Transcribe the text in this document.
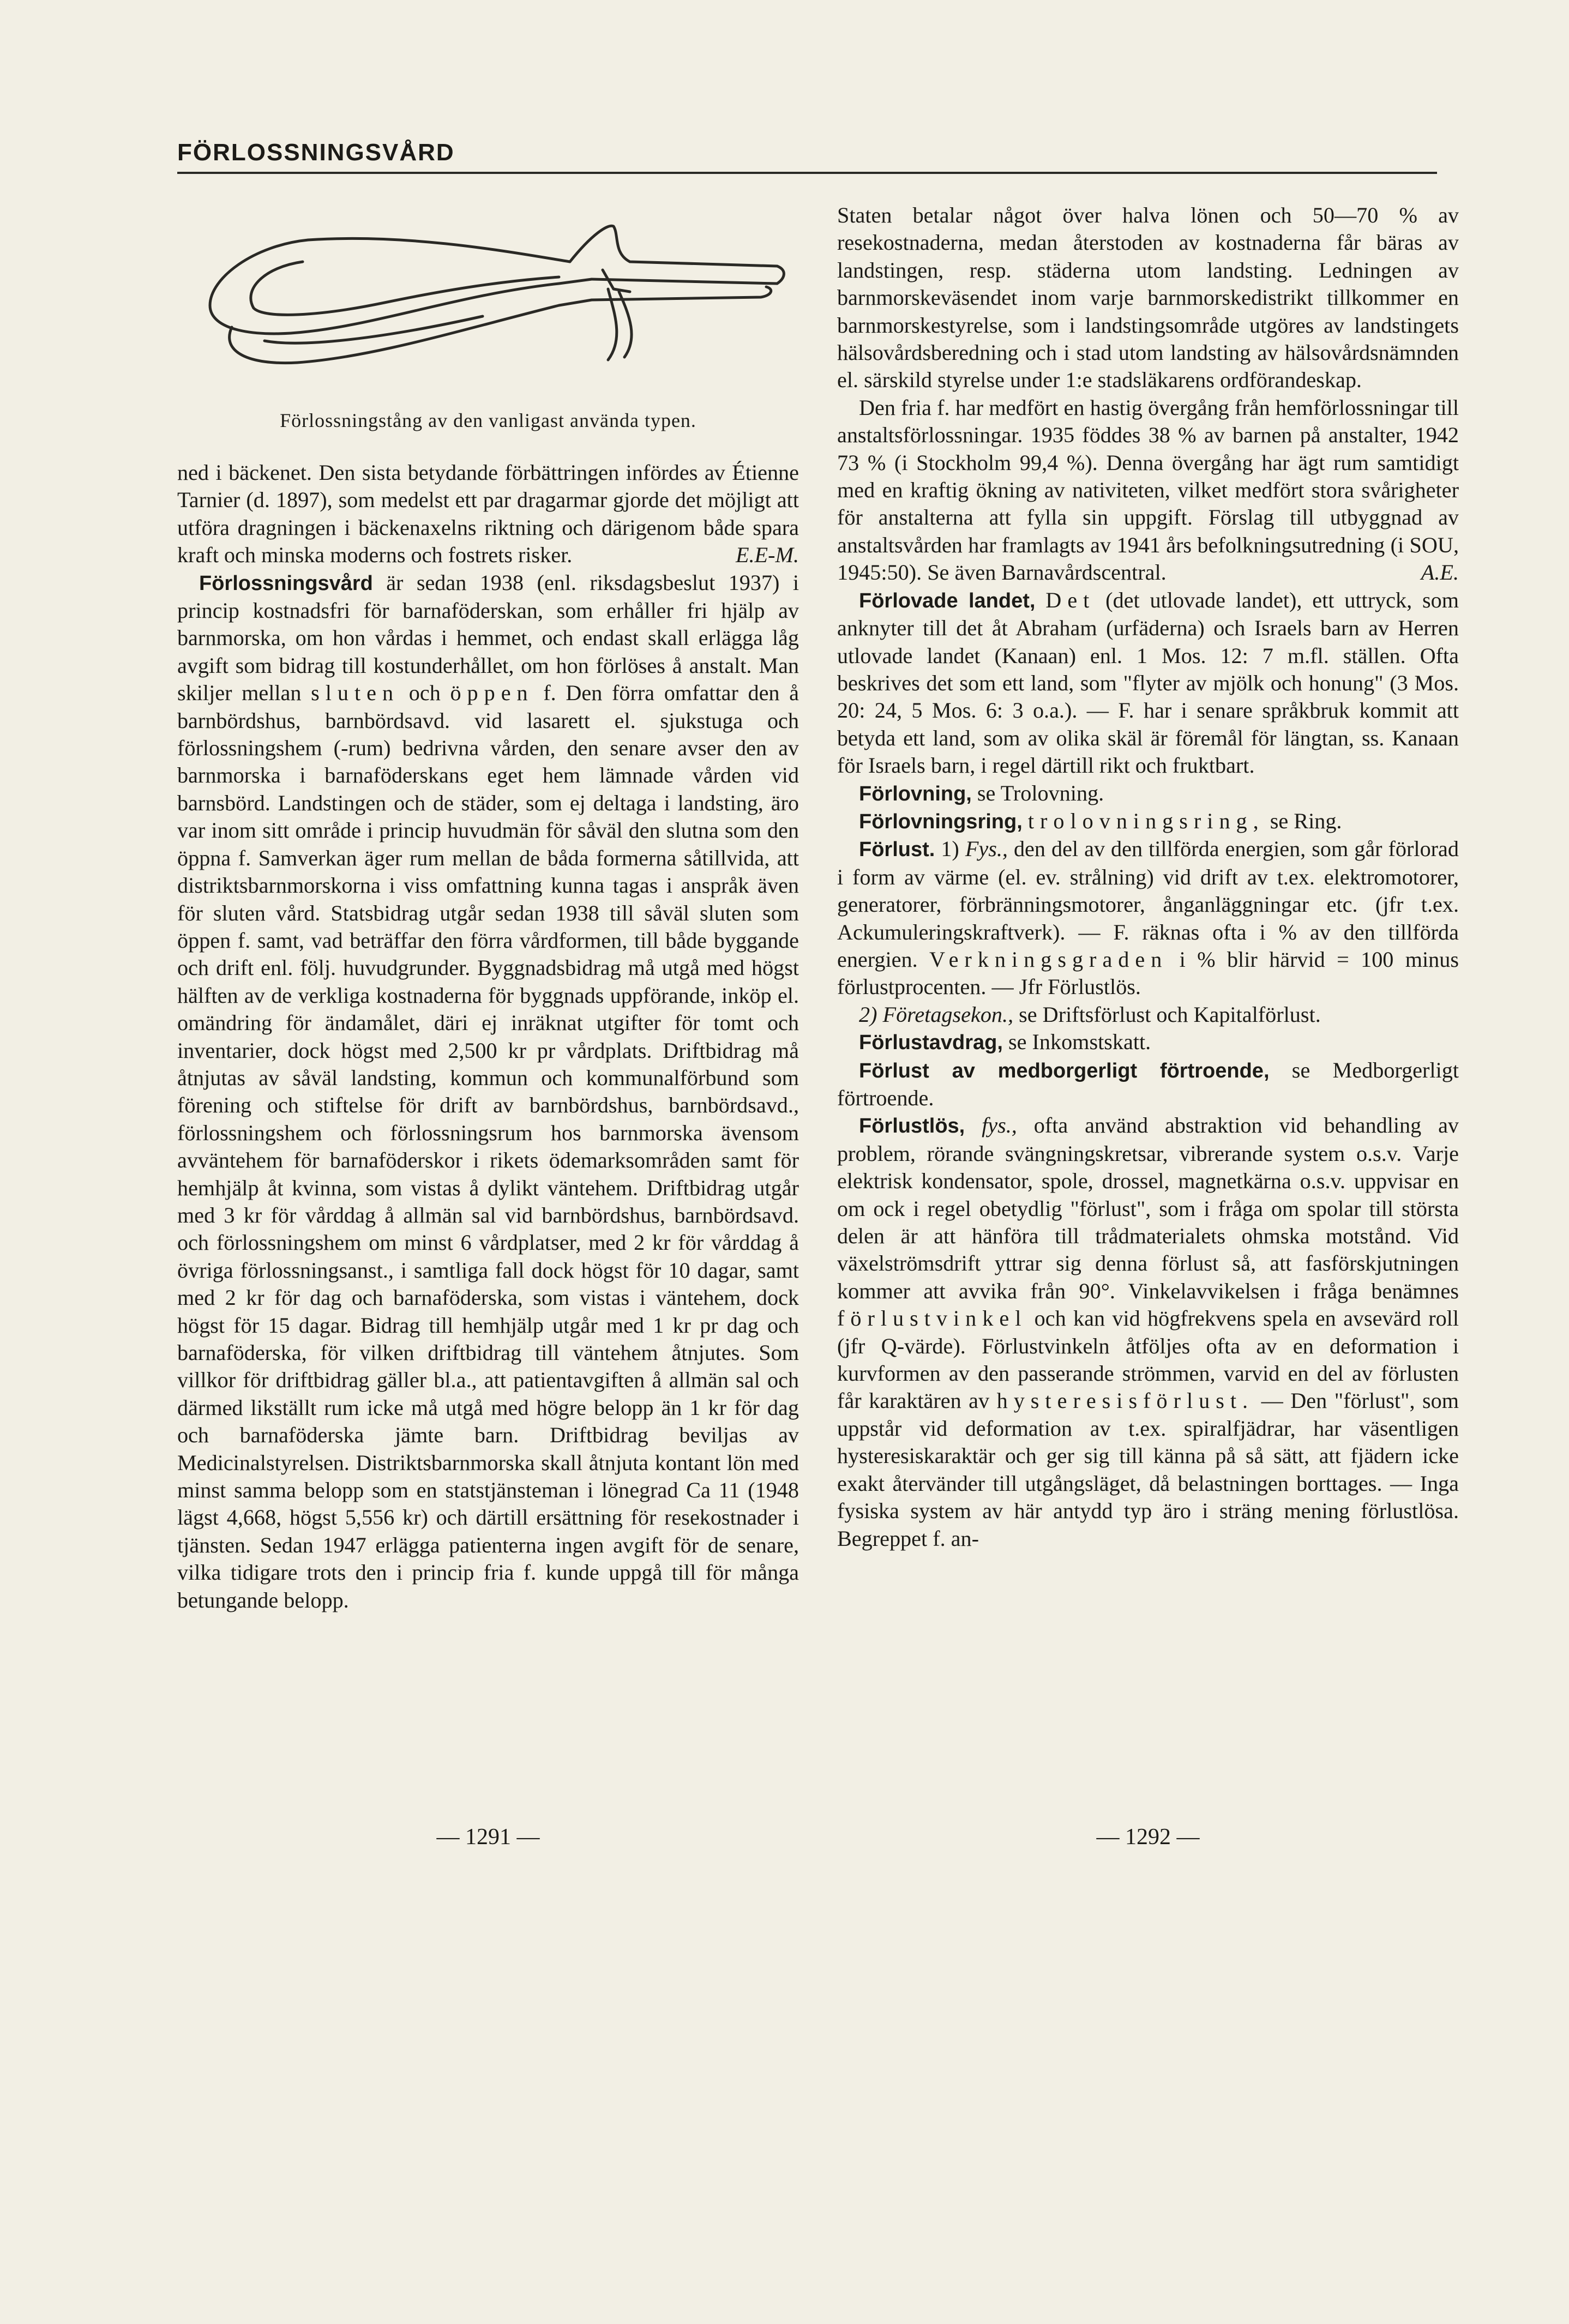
FÖRLOSSNINGSVÅRD
Förlossningstång av den vanligast använda typen.

ned i bäckenet. Den sista betydande förbättringen infördes av Étienne Tarnier (d. 1897), som medelst ett par dragarmar gjorde det möjligt att utföra dragningen i bäckenaxelns riktning och därigenom både spara kraft och minska moderns och fostrets risker.	E.E-M.

Förlossningsvård är sedan 1938 (enl. riksdagsbeslut 1937) i princip kostnadsfri för barnaföderskan, som erhåller fri hjälp av barnmorska, om hon vårdas i hemmet, och endast skall erlägga låg avgift som bidrag till kostunderhållet, om hon förlöses å anstalt. Man skiljer mellan sluten och öppen f. Den förra omfattar den å barnbördshus, barnbördsavd. vid lasarett el. sjukstuga och förlossningshem (-rum) bedrivna vården, den senare avser den av barnmorska i barnaföderskans eget hem lämnade vården vid barnsbörd. Landstingen och de städer, som ej deltaga i landsting, äro var inom sitt område i princip huvudmän för såväl den slutna som den öppna f. Samverkan äger rum mellan de båda formerna såtillvida, att distriktsbarnmorskorna i viss omfattning kunna tagas i anspråk även för sluten vård. Statsbidrag utgår sedan 1938 till såväl sluten som öppen f. samt, vad beträffar den förra vårdformen, till både byggande och drift enl. följ. huvudgrunder. Byggnadsbidrag må utgå med högst hälften av de verkliga kostnaderna för byggnads uppförande, inköp el. omändring för ändamålet, däri ej inräknat utgifter för tomt och inventarier, dock högst med 2,500 kr pr vårdplats. Driftbidrag må åtnjutas av såväl landsting, kommun och kommunalförbund som förening och stiftelse för drift av barnbördshus, barnbördsavd., förlossningshem och förlossningsrum hos barnmorska ävensom avväntehem för barnaföderskor i rikets ödemarksområden samt för hemhjälp åt kvinna, som vistas å dylikt väntehem. Driftbidrag utgår med 3 kr för vårddag å allmän sal vid barnbördshus, barnbördsavd. och förlossningshem om minst 6 vårdplatser, med 2 kr för vårddag å övriga förlossningsanst., i samtliga fall dock högst för 10 dagar, samt med 2 kr för dag och barnaföderska, som vistas i väntehem, dock högst för 15 dagar. Bidrag till hemhjälp utgår med 1 kr pr dag och barnaföderska, för vilken driftbidrag till väntehem åtnjutes. Som villkor för driftbidrag gäller bl.a., att patientavgiften å allmän sal och därmed likställt rum icke må utgå med högre belopp än 1 kr för dag och barnaföderska jämte barn. Driftbidrag beviljas av Medicinalstyrelsen. Distriktsbarnmorska skall åtnjuta kontant lön med minst samma belopp som en statstjänsteman i lönegrad Ca 11 (1948 lägst 4,668, högst 5,556 kr) och därtill ersättning för resekostnader i tjänsten. Sedan 1947 erlägga patienterna ingen avgift för de senare, vilka tidigare trots den i princip fria f. kunde uppgå till för många betungande belopp.

Staten betalar något över halva lönen och 50—70 % av resekostnaderna, medan återstoden av kostnaderna får bäras av landstingen, resp. städerna utom landsting. Ledningen av barnmorskeväsendet inom varje barnmorskedistrikt tillkommer en barnmorskestyrelse, som i landstingsområde utgöres av landstingets hälsovårdsberedning och i stad utom landsting av hälsovårdsnämnden el. särskild styrelse under 1:e stadsläkarens ordförandeskap.

Den fria f. har medfört en hastig övergång från hemförlossningar till anstaltsförlossningar. 1935 föddes 38 % av barnen på anstalter, 1942 73 % (i Stockholm 99,4 %). Denna övergång har ägt rum samtidigt med en kraftig ökning av nativiteten, vilket medfört stora svårigheter för anstalterna att fylla sin uppgift. Förslag till utbyggnad av anstaltsvården har framlagts av 1941 års befolkningsutredning (i SOU, 1945:50). Se även Barnavårdscentral.	A.E.

Förlovade landet, Det (det utlovade landet), ett uttryck, som anknyter till det åt Abraham (urfäderna) och Israels barn av Herren utlovade landet (Kanaan) enl. 1 Mos. 12: 7 m.fl. ställen. Ofta beskrives det som ett land, som "flyter av mjölk och honung" (3 Mos. 20: 24, 5 Mos. 6: 3 o.a.). — F. har i senare språkbruk kommit att betyda ett land, som av olika skäl är föremål för längtan, ss. Kanaan för Israels barn, i regel därtill rikt och fruktbart.

Förlovning, se Trolovning.

Förlovningsring, trolovningsring, se Ring.

Förlust. 1) Fys., den del av den tillförda energien, som går förlorad i form av värme (el. ev. strålning) vid drift av t.ex. elektromotorer, generatorer, förbränningsmotorer, ånganläggningar etc. (jfr t.ex. Ackumuleringskraftverk). — F. räknas ofta i % av den tillförda energien. Verkningsgraden i % blir härvid = 100 minus förlustprocenten. — Jfr Förlustlös.

2) Företagsekon., se Driftsförlust och Kapitalförlust.

Förlustavdrag, se Inkomstskatt.

Förlust av medborgerligt förtroende, se Medborgerligt förtroende.

Förlustlös, fys., ofta använd abstraktion vid behandling av problem, rörande svängningskretsar, vibrerande system o.s.v. Varje elektrisk kondensator, spole, drossel, magnetkärna o.s.v. uppvisar en om ock i regel obetydlig "förlust", som i fråga om spolar till största delen är att hänföra till trådmaterialets ohmska motstånd. Vid växelströmsdrift yttrar sig denna förlust så, att fasförskjutningen kommer att avvika från 90°. Vinkelavvikelsen i fråga benämnes förlustvinkel och kan vid högfrekvens spela en avsevärd roll (jfr Q-värde). Förlustvinkeln åtföljes ofta av en deformation i kurvformen av den passerande strömmen, varvid en del av förlusten får karaktären av hysteresisförlust. — Den "förlust", som uppstår vid deformation av t.ex. spiralfjädrar, har väsentligen hysteresiskaraktär och ger sig till känna på så sätt, att fjädern icke exakt återvänder till utgångsläget, då belastningen borttages. — Inga fysiska system av här antydd typ äro i sträng mening förlustlösa. Begreppet f. an-

— 1291 —	— 1292 —
